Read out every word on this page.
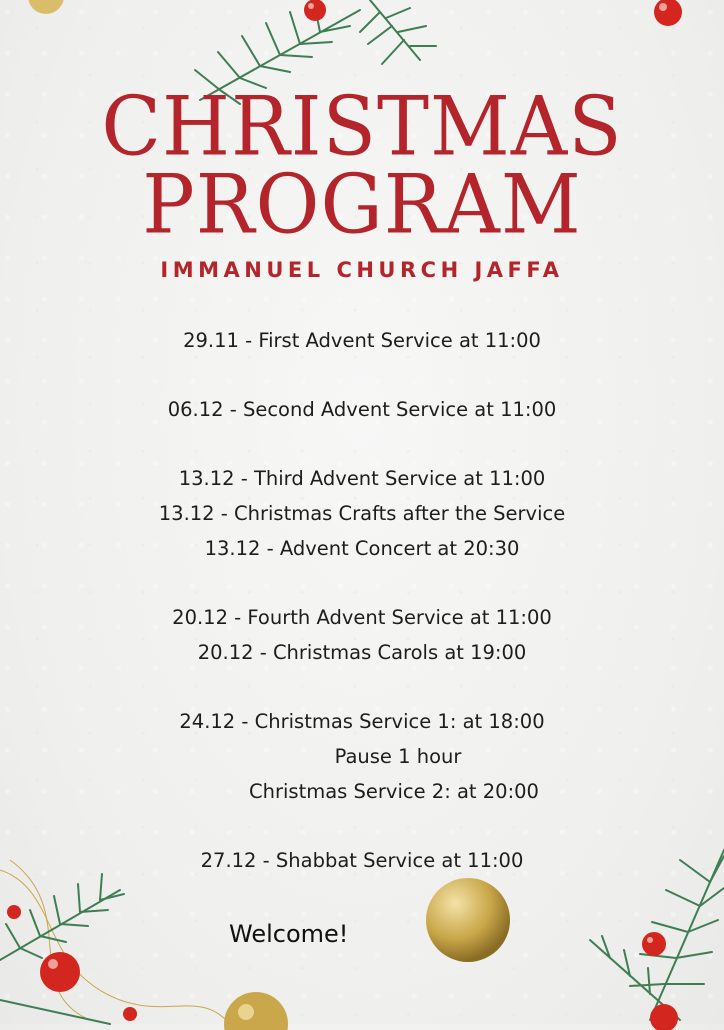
CHRISTMAS
PROGRAM
IMMANUEL CHURCH JAFFA
29.11 - First Advent Service at 11:00
06.12 - Second Advent Service at 11:00
13.12 - Third Advent Service at 11:00
13.12 - Christmas Crafts after the Service
13.12 - Advent Concert at 20:30
20.12 - Fourth Advent Service at 11:00
20.12 - Christmas Carols at 19:00
24.12 - Christmas Service 1: at 18:00
Pause 1 hour
Christmas Service 2: at 20:00
27.12 - Shabbat Service at 11:00
Welcome!
